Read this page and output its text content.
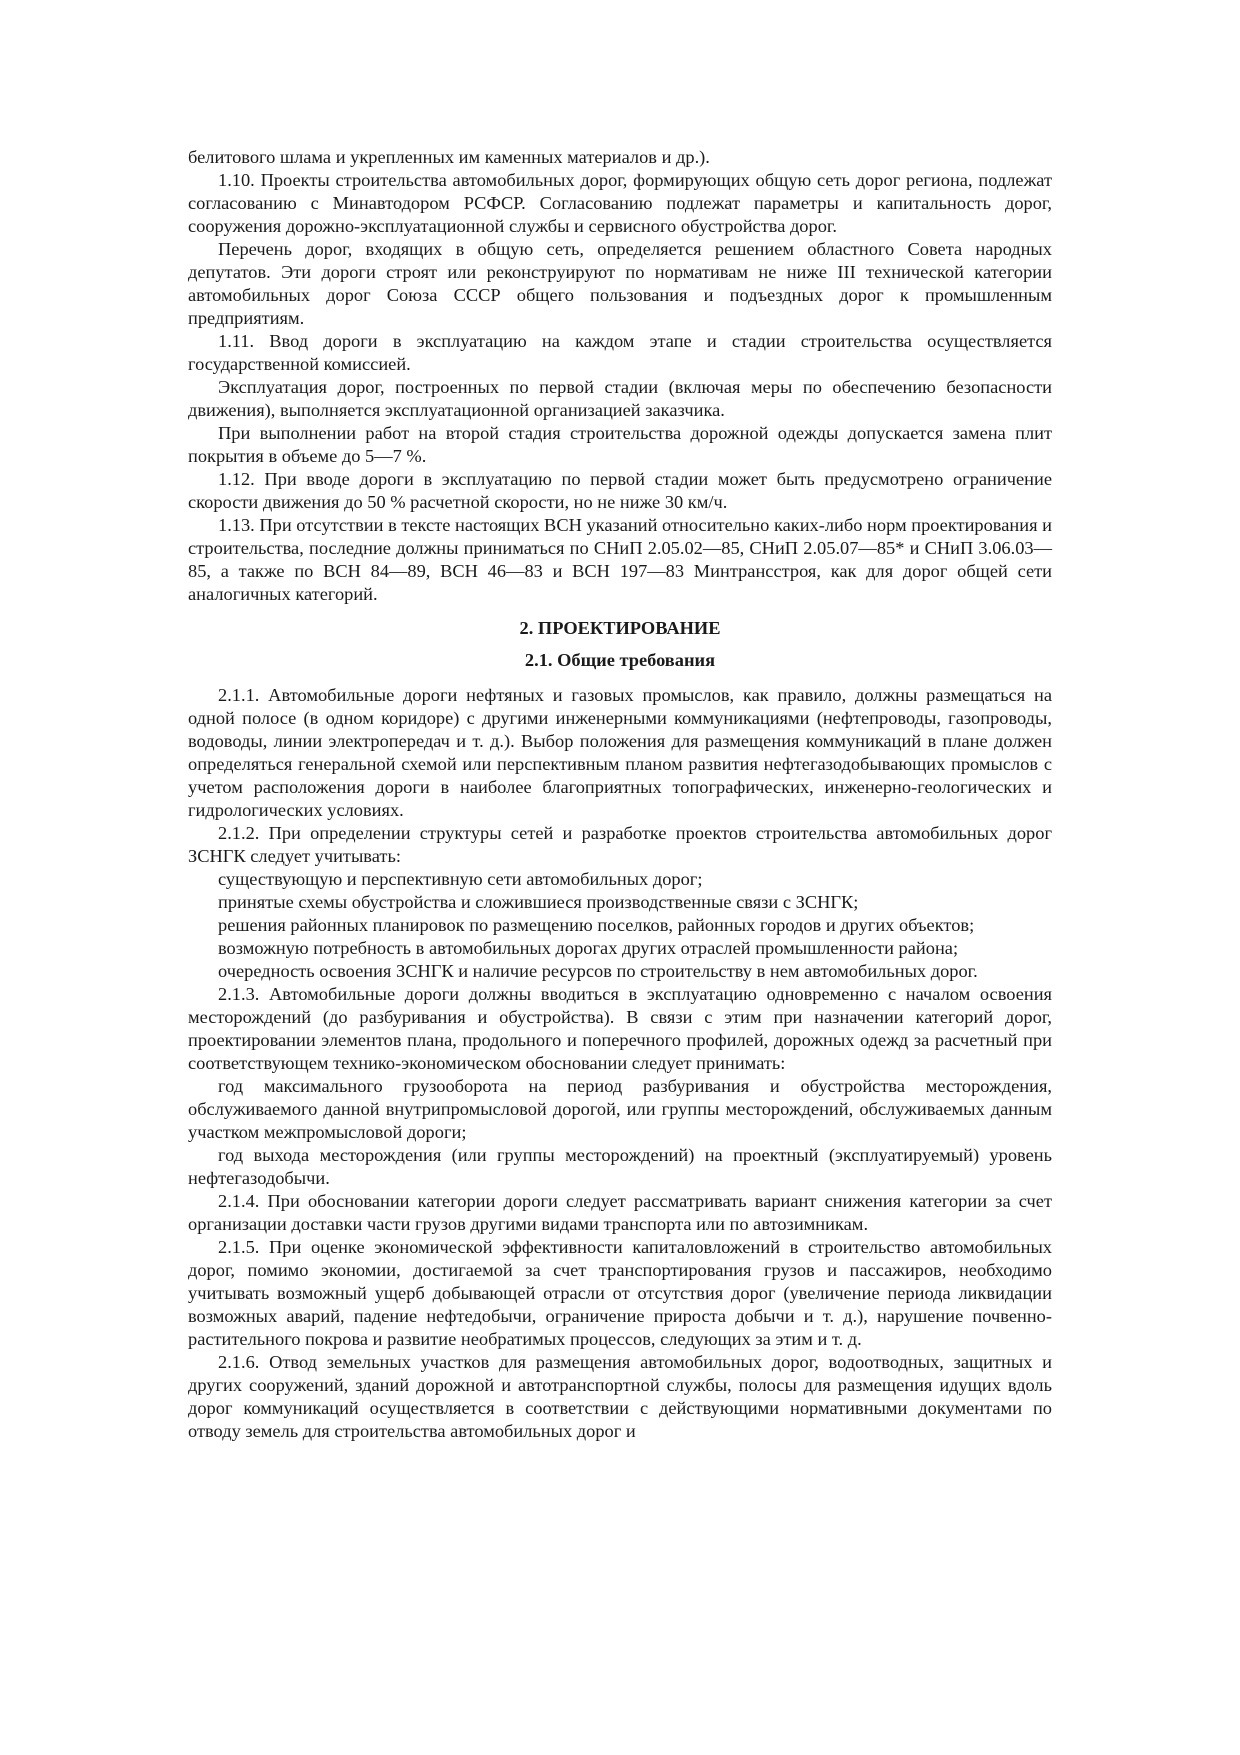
белитового шлама и укрепленных им каменных материалов и др.).

1.10. Проекты строительства автомобильных дорог, формирующих общую сеть дорог региона, подлежат согласованию с Минавтодором РСФСР. Согласованию подлежат параметры и капитальность дорог, сооружения дорожно-эксплуатационной службы и сервисного обустройства дорог.

Перечень дорог, входящих в общую сеть, определяется решением областного Совета народных депутатов. Эти дороги строят или реконструируют по нормативам не ниже III технической категории автомобильных дорог Союза СССР общего пользования и подъездных дорог к промышленным предприятиям.

1.11. Ввод дороги в эксплуатацию на каждом этапе и стадии строительства осуществляется государственной комиссией.

Эксплуатация дорог, построенных по первой стадии (включая меры по обеспечению безопасности движения), выполняется эксплуатационной организацией заказчика.

При выполнении работ на второй стадия строительства дорожной одежды допускается замена плит покрытия в объеме до 5—7 %.

1.12. При вводе дороги в эксплуатацию по первой стадии может быть предусмотрено ограничение скорости движения до 50 % расчетной скорости, но не ниже 30 км/ч.

1.13. При отсутствии в тексте настоящих ВСН указаний относительно каких-либо норм проектирования и строительства, последние должны приниматься по СНиП 2.05.02—85, СНиП 2.05.07—85* и СНиП 3.06.03—85, а также по ВСН 84—89, ВСН 46—83 и ВСН 197—83 Минтрансстроя, как для дорог общей сети аналогичных категорий.

2. ПРОЕКТИРОВАНИЕ

2.1. Общие требования

2.1.1. Автомобильные дороги нефтяных и газовых промыслов, как правило, должны размещаться на одной полосе (в одном коридоре) с другими инженерными коммуникациями (нефтепроводы, газопроводы, водоводы, линии электропередач и т. д.). Выбор положения для размещения коммуникаций в плане должен определяться генеральной схемой или перспективным планом развития нефтегазодобывающих промыслов с учетом расположения дороги в наиболее благоприятных топографических, инженерно-геологических и гидрологических условиях.

2.1.2. При определении структуры сетей и разработке проектов строительства автомобильных дорог ЗСНГК следует учитывать:

существующую и перспективную сети автомобильных дорог;

принятые схемы обустройства и сложившиеся производственные связи с ЗСНГК;

решения районных планировок по размещению поселков, районных городов и других объектов;

возможную потребность в автомобильных дорогах других отраслей промышленности района;

очередность освоения ЗСНГК и наличие ресурсов по строительству в нем автомобильных дорог.

2.1.3. Автомобильные дороги должны вводиться в эксплуатацию одновременно с началом освоения месторождений (до разбуривания и обустройства). В связи с этим при назначении категорий дорог, проектировании элементов плана, продольного и поперечного профилей, дорожных одежд за расчетный при соответствующем технико-экономическом обосновании следует принимать:

год максимального грузооборота на период разбуривания и обустройства месторождения, обслуживаемого данной внутрипромысловой дорогой, или группы месторождений, обслуживаемых данным участком межпромысловой дороги;

год выхода месторождения (или группы месторождений) на проектный (эксплуатируемый) уровень нефтегазодобычи.

2.1.4. При обосновании категории дороги следует рассматривать вариант снижения категории за счет организации доставки части грузов другими видами транспорта или по автозимникам.

2.1.5. При оценке экономической эффективности капиталовложений в строительство автомобильных дорог, помимо экономии, достигаемой за счет транспортирования грузов и пассажиров, необходимо учитывать возможный ущерб добывающей отрасли от отсутствия дорог (увеличение периода ликвидации возможных аварий, падение нефтедобычи, ограничение прироста добычи и т. д.), нарушение почвенно-растительного покрова и развитие необратимых процессов, следующих за этим и т. д.

2.1.6. Отвод земельных участков для размещения автомобильных дорог, водоотводных, защитных и других сооружений, зданий дорожной и автотранспортной службы, полосы для размещения идущих вдоль дорог коммуникаций осуществляется в соответствии с действующими нормативными документами по отводу земель для строительства автомобильных дорог и
